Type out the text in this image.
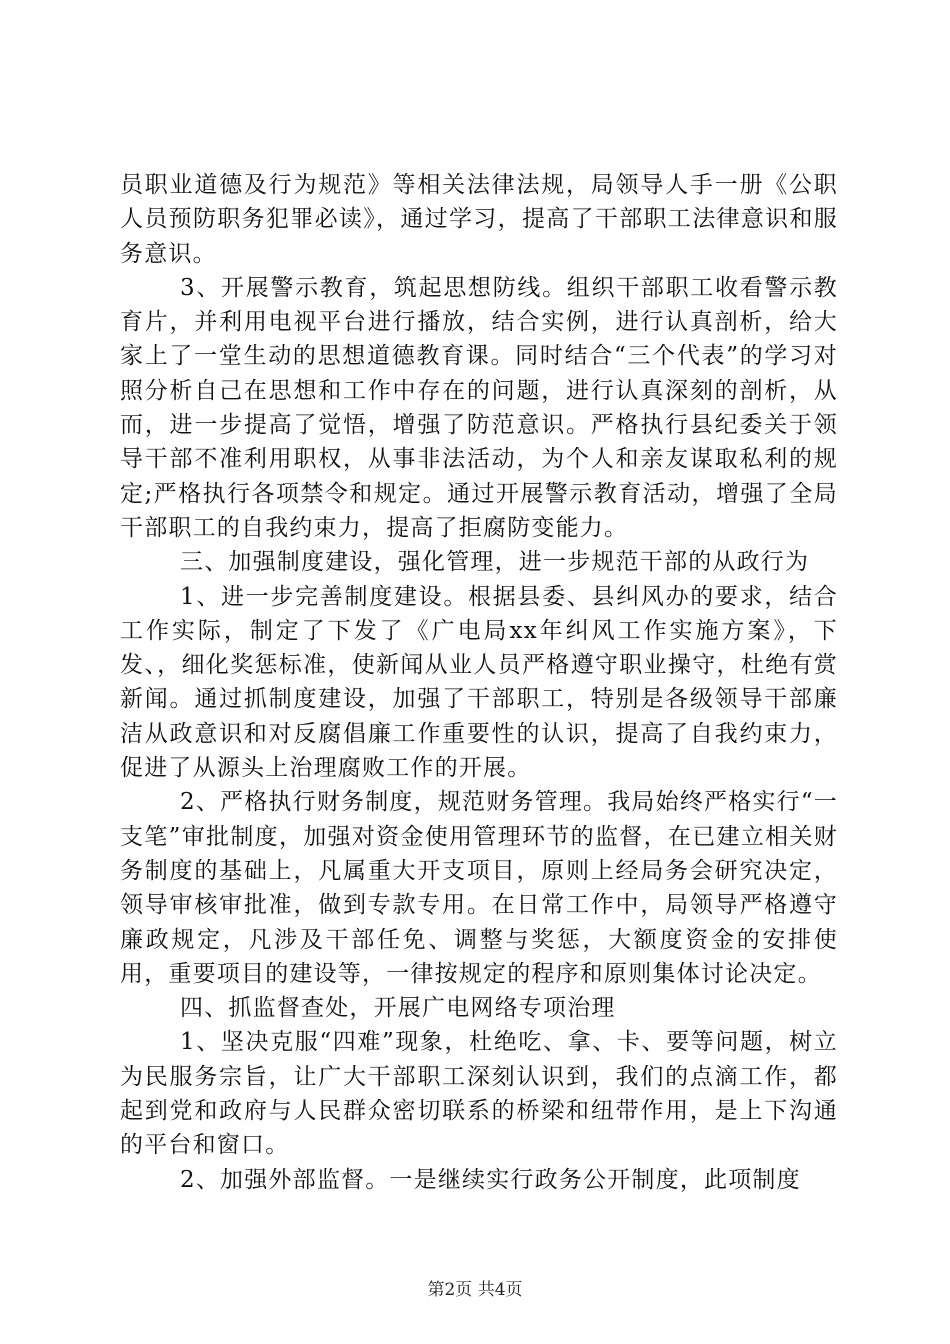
员职业道德及行为规范》等相关法律法规，局领导人手一册《公职人员预防职务犯罪必读》，通过学习，提高了干部职工法律意识和服务意识。

3、开展警示教育，筑起思想防线。组织干部职工收看警示教育片，并利用电视平台进行播放，结合实例，进行认真剖析，给大家上了一堂生动的思想道德教育课。同时结合“三个代表”的学习对照分析自己在思想和工作中存在的问题，进行认真深刻的剖析，从而，进一步提高了觉悟，增强了防范意识。严格执行县纪委关于领导干部不准利用职权，从事非法活动，为个人和亲友谋取私利的规定;严格执行各项禁令和规定。通过开展警示教育活动，增强了全局干部职工的自我约束力，提高了拒腐防变能力。

三、加强制度建设，强化管理，进一步规范干部的从政行为

1、进一步完善制度建设。根据县委、县纠风办的要求，结合工作实际，制定了下发了《广电局xx年纠风工作实施方案》，下发、，细化奖惩标准，使新闻从业人员严格遵守职业操守，杜绝有赏新闻。通过抓制度建设，加强了干部职工，特别是各级领导干部廉洁从政意识和对反腐倡廉工作重要性的认识，提高了自我约束力，促进了从源头上治理腐败工作的开展。

2、严格执行财务制度，规范财务管理。我局始终严格实行“一支笔”审批制度，加强对资金使用管理环节的监督，在已建立相关财务制度的基础上，凡属重大开支项目，原则上经局务会研究决定，领导审核审批准，做到专款专用。在日常工作中，局领导严格遵守廉政规定，凡涉及干部任免、调整与奖惩，大额度资金的安排使用，重要项目的建设等，一律按规定的程序和原则集体讨论决定。

四、抓监督查处，开展广电网络专项治理

1、坚决克服“四难”现象，杜绝吃、拿、卡、要等问题，树立为民服务宗旨，让广大干部职工深刻认识到，我们的点滴工作，都起到党和政府与人民群众密切联系的桥梁和纽带作用，是上下沟通的平台和窗口。

2、加强外部监督。一是继续实行政务公开制度，此项制度

第2页 共4页
